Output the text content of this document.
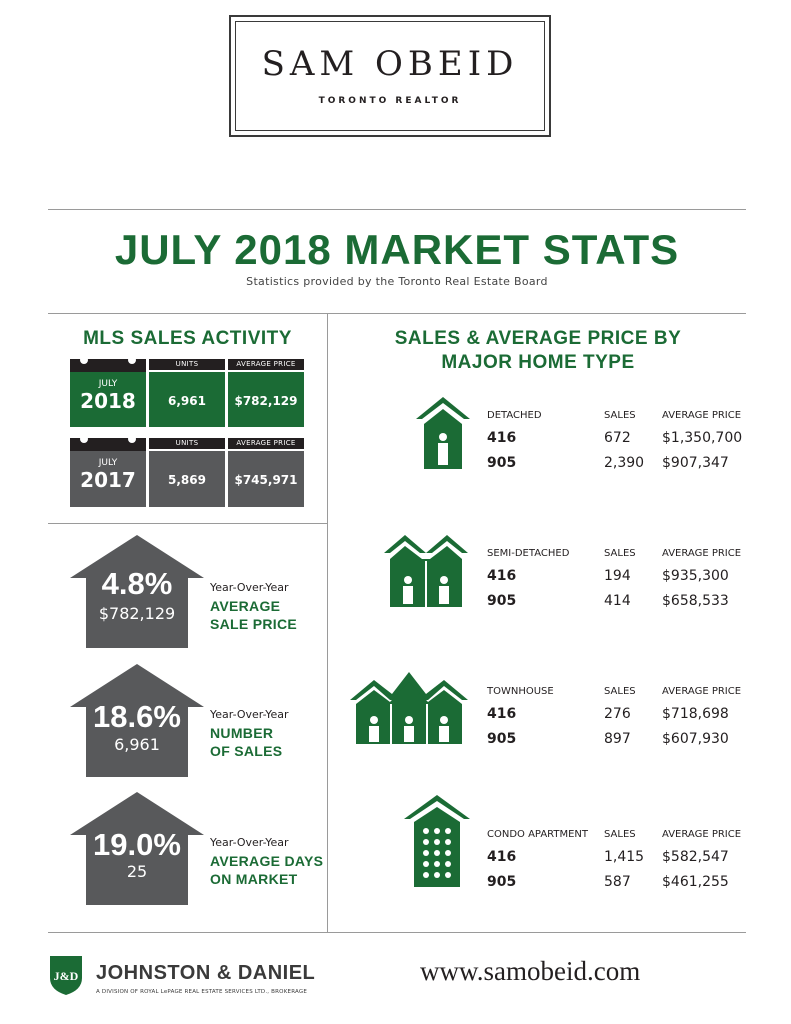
SAM OBEID
TORONTO REALTOR
JULY 2018 MARKET STATS
Statistics provided by the Toronto Real Estate Board
MLS SALES ACTIVITY
JULY
2018
UNITS
6,961
AVERAGE PRICE
$782,129
JULY
2017
UNITS
5,869
AVERAGE PRICE
$745,971
4.8%
$782,129
Year-Over-Year
AVERAGE
SALE PRICE
18.6%
6,961
Year-Over-Year
NUMBER
OF SALES
19.0%
25
Year-Over-Year
AVERAGE DAYS
ON MARKET
SALES & AVERAGE PRICE BY
MAJOR HOME TYPE
DETACHED	SALES	AVERAGE PRICE
416	672 $1,350,700
905	2,390 $907,347
SEMI-DETACHED	SALES	AVERAGE PRICE
416	194 $935,300
905	414 $658,533
TOWNHOUSE	SALES	AVERAGE PRICE
416	276 $718,698
905	897 $607,930
CONDO APARTMENT SALES	AVERAGE PRICE
416	1,415 $582,547
905	587 $461,255
J&D JOHNSTON & DANIEL
A DIVISION OF ROYAL LePAGE REAL ESTATE SERVICES LTD., BROKERAGE
www.samobeid.com
